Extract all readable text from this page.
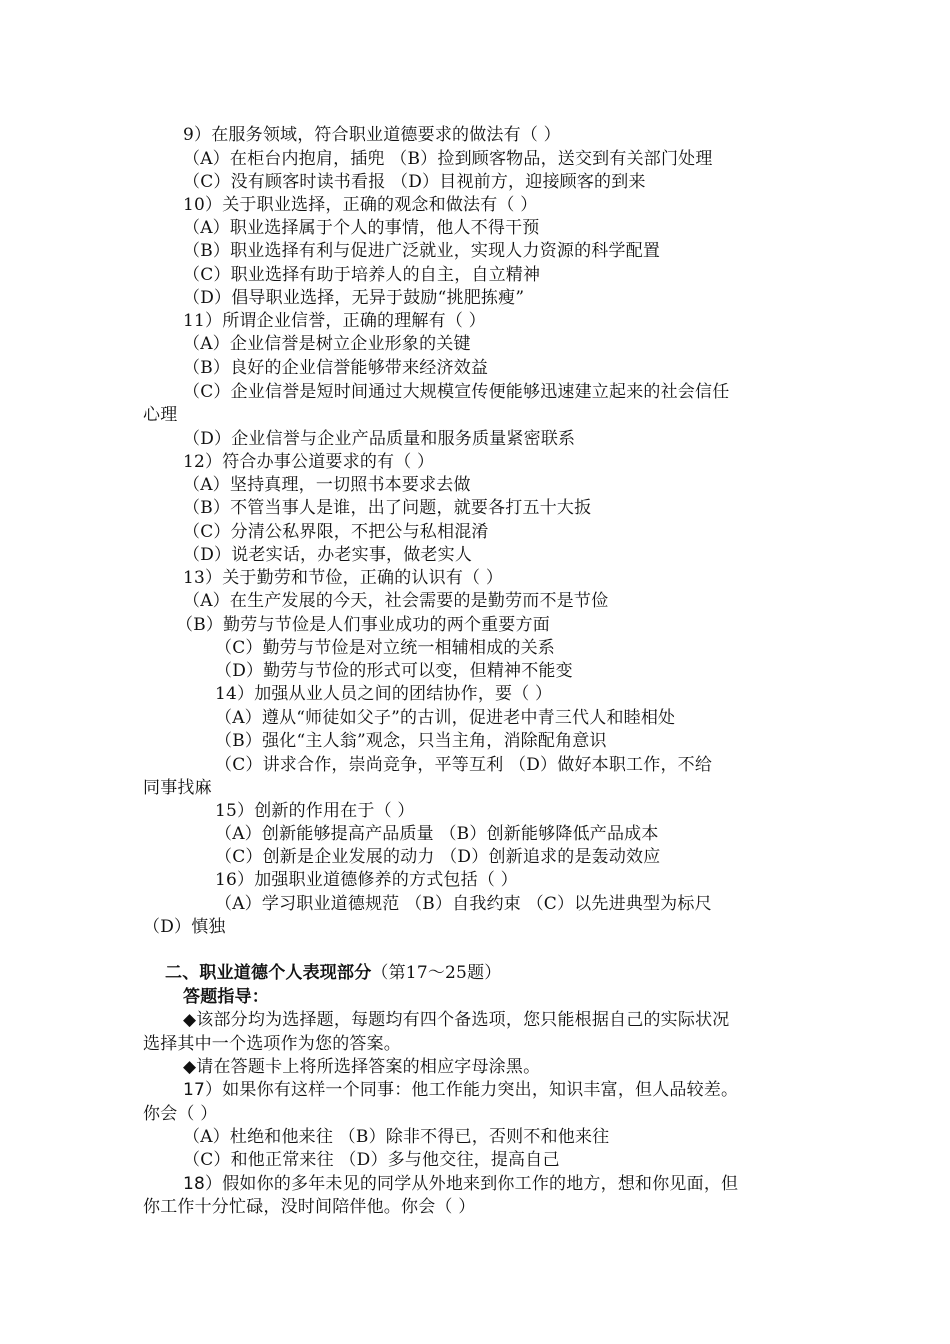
9）在服务领域，符合职业道德要求的做法有（ ）
（A）在柜台内抱肩，插兜 （B）捡到顾客物品，送交到有关部门处理
（C）没有顾客时读书看报 （D）目视前方，迎接顾客的到来
10）关于职业选择，正确的观念和做法有（ ）
（A）职业选择属于个人的事情，他人不得干预
（B）职业选择有利与促进广泛就业，实现人力资源的科学配置
（C）职业选择有助于培养人的自主，自立精神
（D）倡导职业选择，无异于鼓励“挑肥拣瘦”
11）所谓企业信誉，正确的理解有（ ）
（A）企业信誉是树立企业形象的关键
（B）良好的企业信誉能够带来经济效益
（C）企业信誉是短时间通过大规模宣传便能够迅速建立起来的社会信任
心理
（D）企业信誉与企业产品质量和服务质量紧密联系
12）符合办事公道要求的有（ ）
（A）坚持真理，一切照书本要求去做
（B）不管当事人是谁，出了问题，就要各打五十大扳
（C）分清公私界限，不把公与私相混淆
（D）说老实话，办老实事，做老实人
13）关于勤劳和节俭，正确的认识有（ ）
（A）在生产发展的今天，社会需要的是勤劳而不是节俭
（B）勤劳与节俭是人们事业成功的两个重要方面
（C）勤劳与节俭是对立统一相辅相成的关系
（D）勤劳与节俭的形式可以变，但精神不能变
14）加强从业人员之间的团结协作，要（ ）
（A）遵从“师徒如父子”的古训，促进老中青三代人和睦相处
（B）强化“主人翁”观念，只当主角，消除配角意识
（C）讲求合作，崇尚竞争，平等互利 （D）做好本职工作，不给
同事找麻
15）创新的作用在于（ ）
（A）创新能够提高产品质量 （B）创新能够降低产品成本
（C）创新是企业发展的动力 （D）创新追求的是轰动效应
16）加强职业道德修养的方式包括（ ）
（A）学习职业道德规范 （B）自我约束 （C）以先进典型为标尺
（D）慎独
二、职业道德个人表现部分（第17～25题）
答题指导：
◆该部分均为选择题，每题均有四个备选项，您只能根据自己的实际状况
选择其中一个选项作为您的答案。
◆请在答题卡上将所选择答案的相应字母涂黑。
17）如果你有这样一个同事：他工作能力突出，知识丰富，但人品较差。
你会（ ）
（A）杜绝和他来往 （B）除非不得已，否则不和他来往
（C）和他正常来往 （D）多与他交往，提高自己
18）假如你的多年未见的同学从外地来到你工作的地方，想和你见面，但
你工作十分忙碌，没时间陪伴他。你会（ ）
